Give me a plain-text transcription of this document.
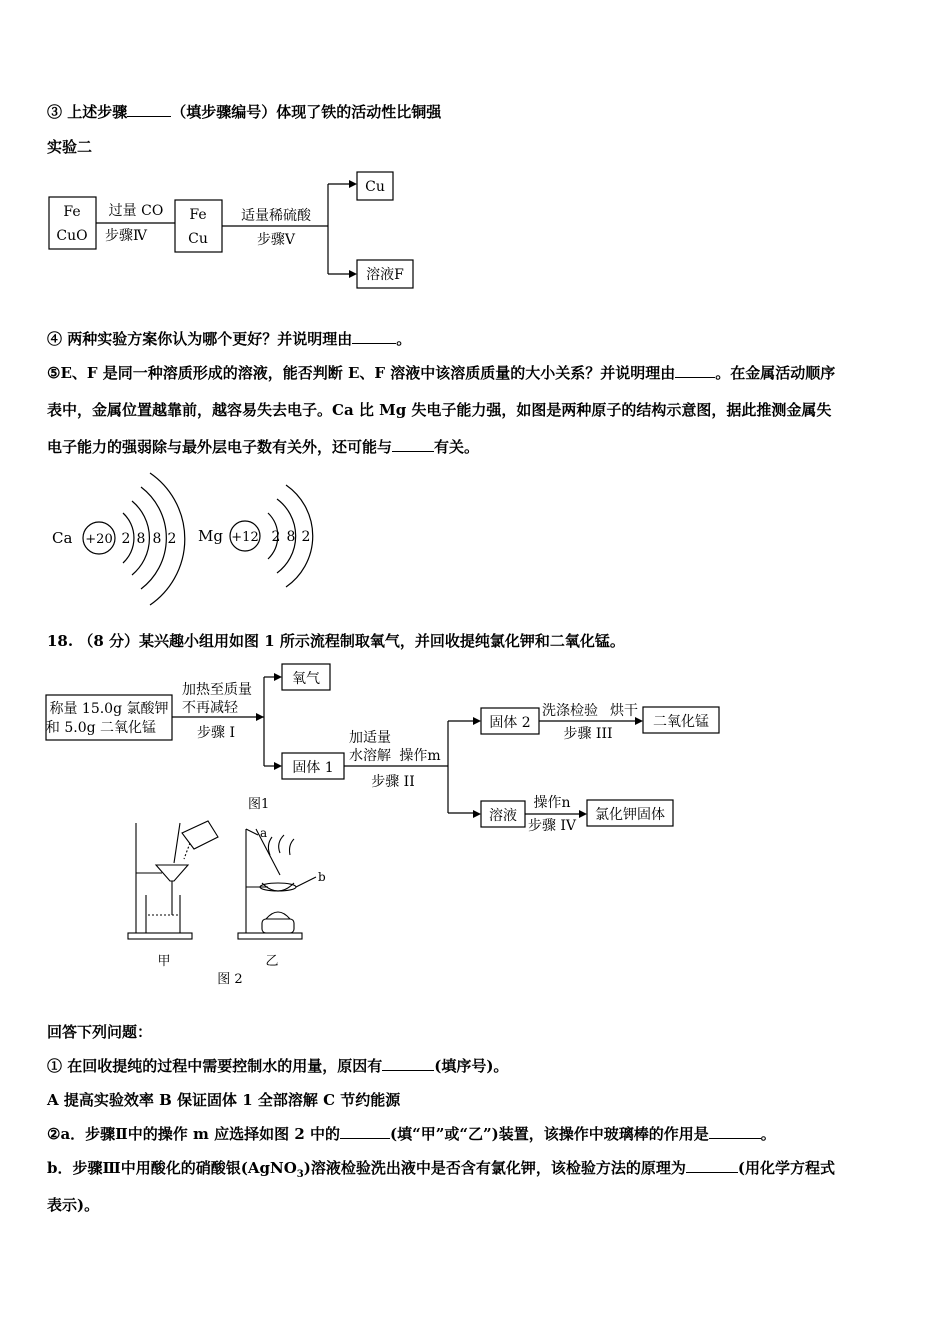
③ 上述步骤	（填步骤编号）体现了铁的活动性比铜强
实验二
Fe
CuO
过量 CO
步骤Ⅳ
Fe
Cu
适量稀硫酸
步骤Ⅴ
Cu
溶液F
④ 两种实验方案你认为哪个更好？并说明理由	。
⑤E、F 是同一种溶质形成的溶液，能否判断 E、F 溶液中该溶质质量的大小关系？并说明理由	。在金属活动顺序
表中，金属位置越靠前，越容易失去电子。Ca 比 Mg 失电子能力强，如图是两种原子的结构示意图，据此推测金属失
电子能力的强弱除与最外层电子数有关外，还可能与	有关。
Ca +20 2 8 8 2 Mg +12 2 8 2
18. （8 分）某兴趣小组用如图 1 所示流程制取氧气，并回收提纯氯化钾和二氧化锰。
称量 15.0g 氯酸钾
和 5.0g 二氧化锰
加热至质量
不再减轻
步骤 I
氧气
固体 1
加适量
水溶解 操作m
步骤 II
固体 2
洗涤检验 烘干
步骤 III
二氧化锰
溶液
操作n
步骤 IV
氯化钾固体
图1
a
b
甲	乙
图 2
回答下列问题：
① 在回收提纯的过程中需要控制水的用量，原因有	(填序号)。
A 提高实验效率 B 保证固体 1 全部溶解 C 节约能源
②a．步骤Ⅱ中的操作 m 应选择如图 2 中的	(填“甲”或“乙”)装置，该操作中玻璃棒的作用是	。
b．步骤Ⅲ中用酸化的硝酸银(AgNO$_3$)溶液检验洗出液中是否含有氯化钾，该检验方法的原理为	(用化学方程式
表示)。
